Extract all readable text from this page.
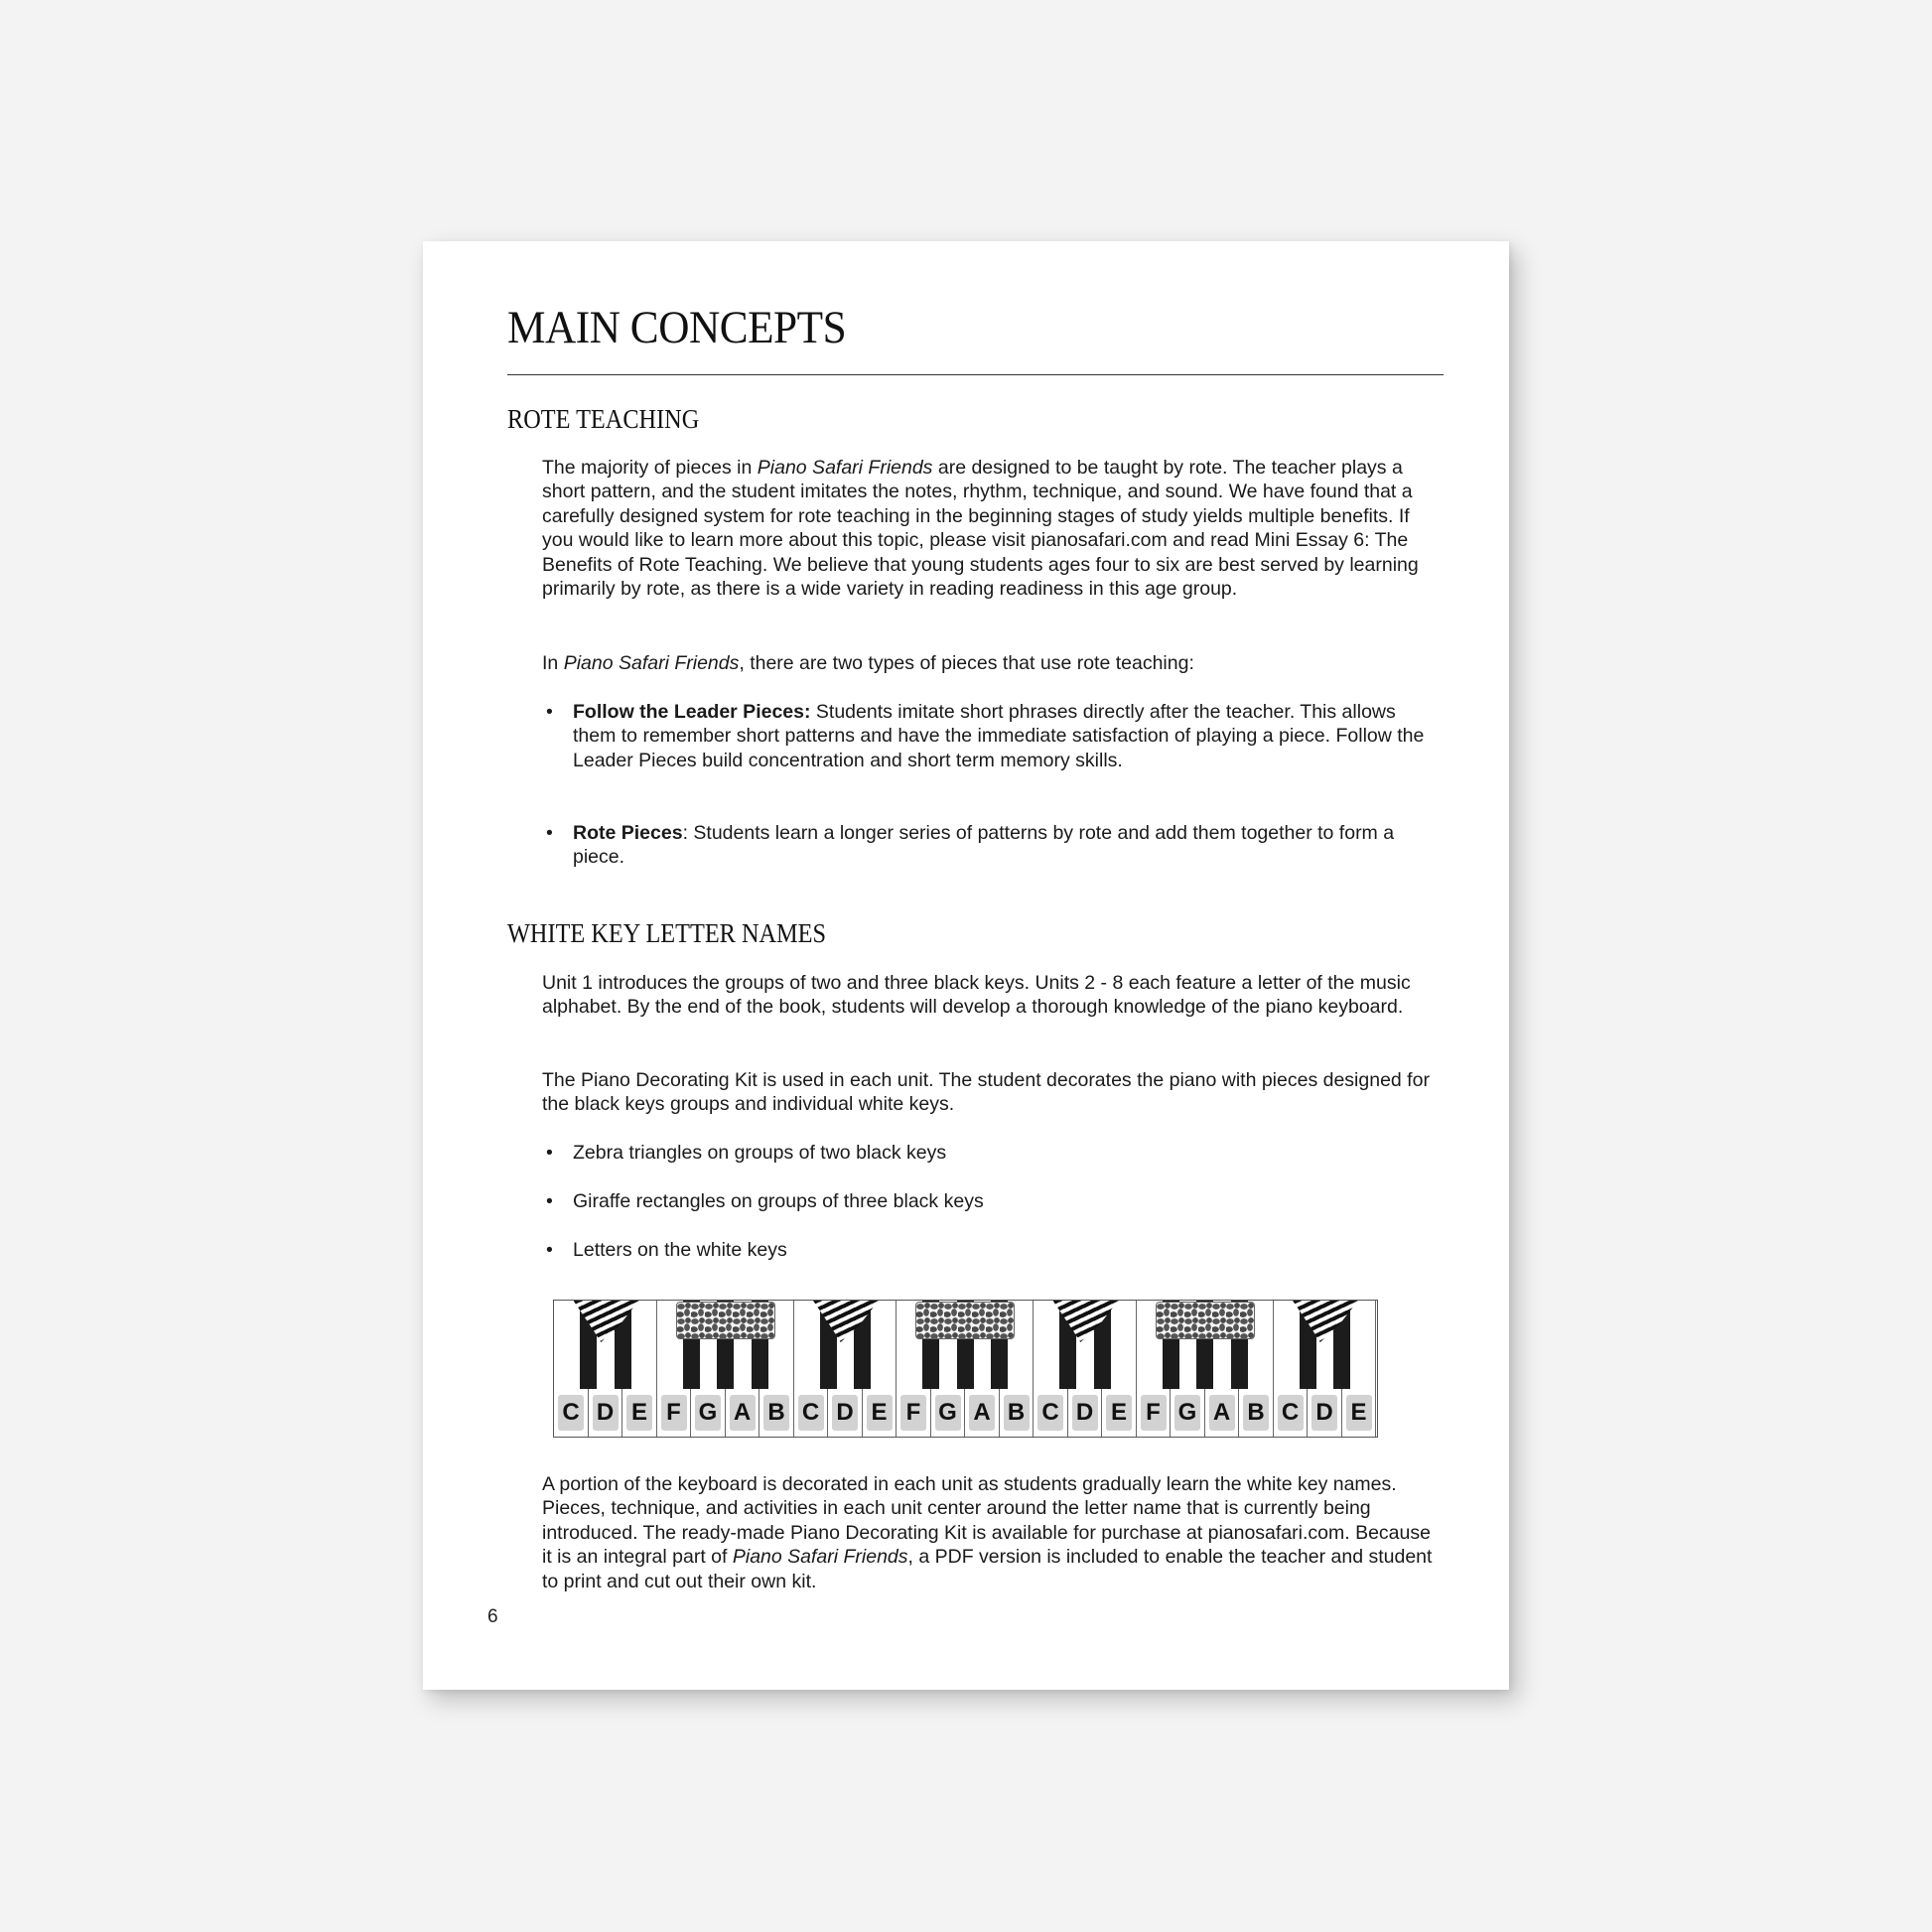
MAIN CONCEPTS
ROTE TEACHING
The majority of pieces in Piano Safari Friends are designed to be taught by rote. The teacher plays a short pattern, and the student imitates the notes, rhythm, technique, and sound. We have found that a carefully designed system for rote teaching in the beginning stages of study yields multiple benefits. If you would like to learn more about this topic, please visit pianosafari.com and read Mini Essay 6: The Benefits of Rote Teaching. We believe that young students ages four to six are best served by learning primarily by rote, as there is a wide variety in reading readiness in this age group.
In Piano Safari Friends, there are two types of pieces that use rote teaching:
• Follow the Leader Pieces: Students imitate short phrases directly after the teacher. This allows them to remember short patterns and have the immediate satisfaction of playing a piece. Follow the Leader Pieces build concentration and short term memory skills.
• Rote Pieces: Students learn a longer series of patterns by rote and add them together to form a piece.
WHITE KEY LETTER NAMES
Unit 1 introduces the groups of two and three black keys. Units 2 - 8 each feature a letter of the music alphabet. By the end of the book, students will develop a thorough knowledge of the piano keyboard.
The Piano Decorating Kit is used in each unit. The student decorates the piano with pieces designed for the black keys groups and individual white keys.
• Zebra triangles on groups of two black keys
• Giraffe rectangles on groups of three black keys
• Letters on the white keys
C D E F G A B C D E F G A B C D E F G A B C D E
A portion of the keyboard is decorated in each unit as students gradually learn the white key names. Pieces, technique, and activities in each unit center around the letter name that is currently being introduced. The ready-made Piano Decorating Kit is available for purchase at pianosafari.com. Because it is an integral part of Piano Safari Friends, a PDF version is included to enable the teacher and student to print and cut out their own kit.
6
